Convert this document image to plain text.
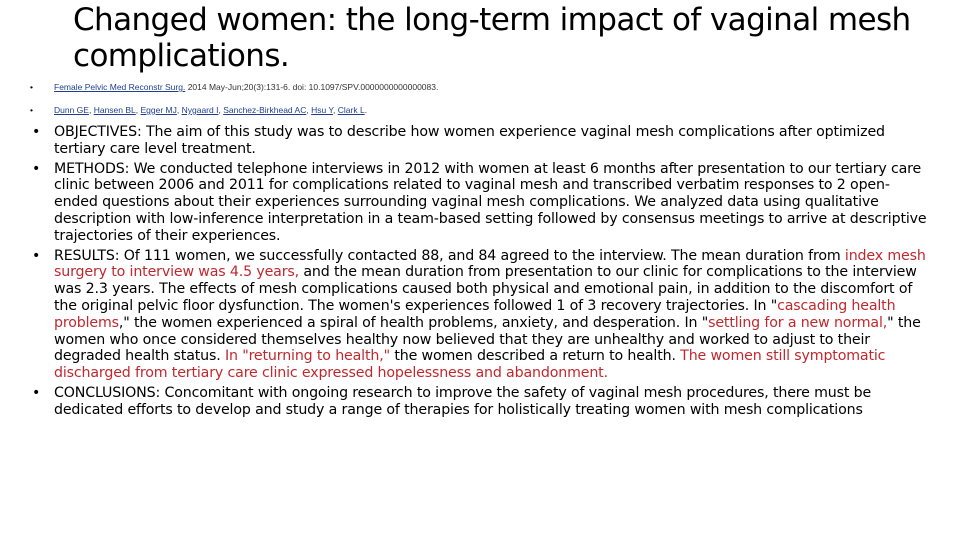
Changed women: the long-term impact of vaginal mesh complications.
• Female Pelvic Med Reconstr Surg. 2014 May-Jun;20(3):131-6. doi: 10.1097/SPV.0000000000000083.
• Dunn GE, Hansen BL, Egger MJ, Nygaard I, Sanchez-Birkhead AC, Hsu Y, Clark L.
• OBJECTIVES: The aim of this study was to describe how women experience vaginal mesh complications after optimized tertiary care level treatment.
• METHODS: We conducted telephone interviews in 2012 with women at least 6 months after presentation to our tertiary care clinic between 2006 and 2011 for complications related to vaginal mesh and transcribed verbatim responses to 2 open-ended questions about their experiences surrounding vaginal mesh complications. We analyzed data using qualitative description with low-inference interpretation in a team-based setting followed by consensus meetings to arrive at descriptive trajectories of their experiences.
• RESULTS: Of 111 women, we successfully contacted 88, and 84 agreed to the interview. The mean duration from index mesh surgery to interview was 4.5 years, and the mean duration from presentation to our clinic for complications to the interview was 2.3 years. The effects of mesh complications caused both physical and emotional pain, in addition to the discomfort of the original pelvic floor dysfunction. The women's experiences followed 1 of 3 recovery trajectories. In "cascading health problems," the women experienced a spiral of health problems, anxiety, and desperation. In "settling for a new normal," the women who once considered themselves healthy now believed that they are unhealthy and worked to adjust to their degraded health status. In "returning to health," the women described a return to health. The women still symptomatic discharged from tertiary care clinic expressed hopelessness and abandonment.
• CONCLUSIONS: Concomitant with ongoing research to improve the safety of vaginal mesh procedures, there must be dedicated efforts to develop and study a range of therapies for holistically treating women with mesh complications
